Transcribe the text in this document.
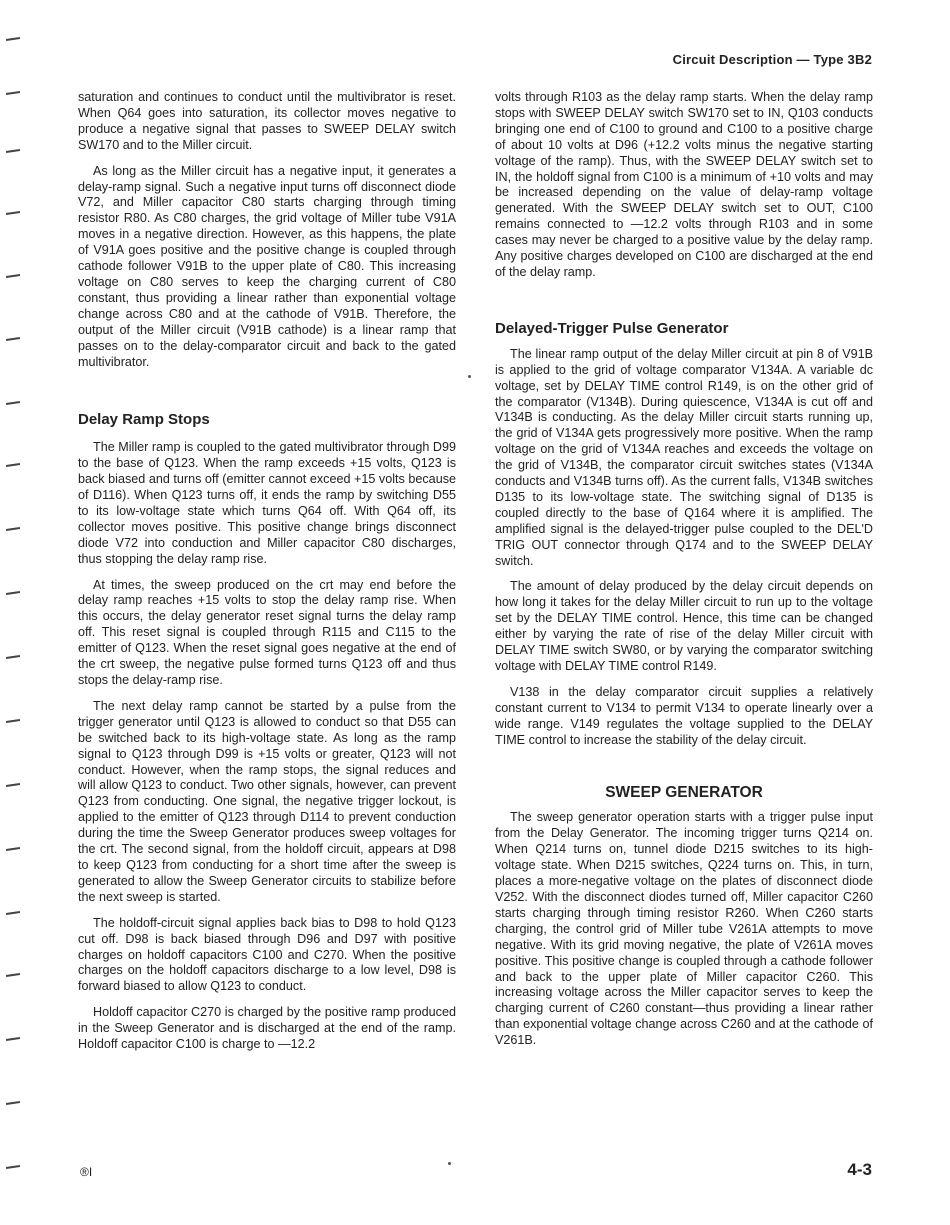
Circuit Description — Type 3B2

saturation and continues to conduct until the multivibrator is reset. When Q64 goes into saturation, its collector moves negative to produce a negative signal that passes to SWEEP DELAY switch SW170 and to the Miller circuit.

As long as the Miller circuit has a negative input, it generates a delay-ramp signal. Such a negative input turns off disconnect diode V72, and Miller capacitor C80 starts charging through timing resistor R80. As C80 charges, the grid voltage of Miller tube V91A moves in a negative direction. However, as this happens, the plate of V91A goes positive and the positive change is coupled through cathode follower V91B to the upper plate of C80. This increasing voltage on C80 serves to keep the charging current of C80 constant, thus providing a linear rather than exponential voltage change across C80 and at the cathode of V91B. Therefore, the output of the Miller circuit (V91B cathode) is a linear ramp that passes on to the delay-comparator circuit and back to the gated multivibrator.

Delay Ramp Stops

The Miller ramp is coupled to the gated multivibrator through D99 to the base of Q123. When the ramp exceeds +15 volts, Q123 is back biased and turns off (emitter cannot exceed +15 volts because of D116). When Q123 turns off, it ends the ramp by switching D55 to its low-voltage state which turns Q64 off. With Q64 off, its collector moves positive. This positive change brings disconnect diode V72 into conduction and Miller capacitor C80 discharges, thus stopping the delay ramp rise.

At times, the sweep produced on the crt may end before the delay ramp reaches +15 volts to stop the delay ramp rise. When this occurs, the delay generator reset signal turns the delay ramp off. This reset signal is coupled through R115 and C115 to the emitter of Q123. When the reset signal goes negative at the end of the crt sweep, the negative pulse formed turns Q123 off and thus stops the delay-ramp rise.

The next delay ramp cannot be started by a pulse from the trigger generator until Q123 is allowed to conduct so that D55 can be switched back to its high-voltage state. As long as the ramp signal to Q123 through D99 is +15 volts or greater, Q123 will not conduct. However, when the ramp stops, the signal reduces and will allow Q123 to conduct. Two other signals, however, can prevent Q123 from conducting. One signal, the negative trigger lockout, is applied to the emitter of Q123 through D114 to prevent conduction during the time the Sweep Generator produces sweep voltages for the crt. The second signal, from the holdoff circuit, appears at D98 to keep Q123 from conducting for a short time after the sweep is generated to allow the Sweep Generator circuits to stabilize before the next sweep is started.

The holdoff-circuit signal applies back bias to D98 to hold Q123 cut off. D98 is back biased through D96 and D97 with positive charges on holdoff capacitors C100 and C270. When the positive charges on the holdoff capacitors discharge to a low level, D98 is forward biased to allow Q123 to conduct.

Holdoff capacitor C270 is charged by the positive ramp produced in the Sweep Generator and is discharged at the end of the ramp. Holdoff capacitor C100 is charge to —12.2

volts through R103 as the delay ramp starts. When the delay ramp stops with SWEEP DELAY switch SW170 set to IN, Q103 conducts bringing one end of C100 to ground and C100 to a positive charge of about 10 volts at D96 (+12.2 volts minus the negative starting voltage of the ramp). Thus, with the SWEEP DELAY switch set to IN, the holdoff signal from C100 is a minimum of +10 volts and may be increased depending on the value of delay-ramp voltage generated. With the SWEEP DELAY switch set to OUT, C100 remains connected to —12.2 volts through R103 and in some cases may never be charged to a positive value by the delay ramp. Any positive charges developed on C100 are discharged at the end of the delay ramp.

Delayed-Trigger Pulse Generator

The linear ramp output of the delay Miller circuit at pin 8 of V91B is applied to the grid of voltage comparator V134A. A variable dc voltage, set by DELAY TIME control R149, is on the other grid of the comparator (V134B). During quiescence, V134A is cut off and V134B is conducting. As the delay Miller circuit starts running up, the grid of V134A gets progressively more positive. When the ramp voltage on the grid of V134A reaches and exceeds the voltage on the grid of V134B, the comparator circuit switches states (V134A conducts and V134B turns off). As the current falls, V134B switches D135 to its low-voltage state. The switching signal of D135 is coupled directly to the base of Q164 where it is amplified. The amplified signal is the delayed-trigger pulse coupled to the DEL'D TRIG OUT connector through Q174 and to the SWEEP DELAY switch.

The amount of delay produced by the delay circuit depends on how long it takes for the delay Miller circuit to run up to the voltage set by the DELAY TIME control. Hence, this time can be changed either by varying the rate of rise of the delay Miller circuit with DELAY TIME switch SW80, or by varying the comparator switching voltage with DELAY TIME control R149.

V138 in the delay comparator circuit supplies a relatively constant current to V134 to permit V134 to operate linearly over a wide range. V149 regulates the voltage supplied to the DELAY TIME control to increase the stability of the delay circuit.

SWEEP GENERATOR

The sweep generator operation starts with a trigger pulse input from the Delay Generator. The incoming trigger turns Q214 on. When Q214 turns on, tunnel diode D215 switches to its high-voltage state. When D215 switches, Q224 turns on. This, in turn, places a more-negative voltage on the plates of disconnect diode V252. With the disconnect diodes turned off, Miller capacitor C260 starts charging through timing resistor R260. When C260 starts charging, the control grid of Miller tube V261A attempts to move negative. With its grid moving negative, the plate of V261A moves positive. This positive change is coupled through a cathode follower and back to the upper plate of Miller capacitor C260. This increasing voltage across the Miller capacitor serves to keep the charging current of C260 constant—thus providing a linear rather than exponential voltage change across C260 and at the cathode of V261B.

®I	4-3
